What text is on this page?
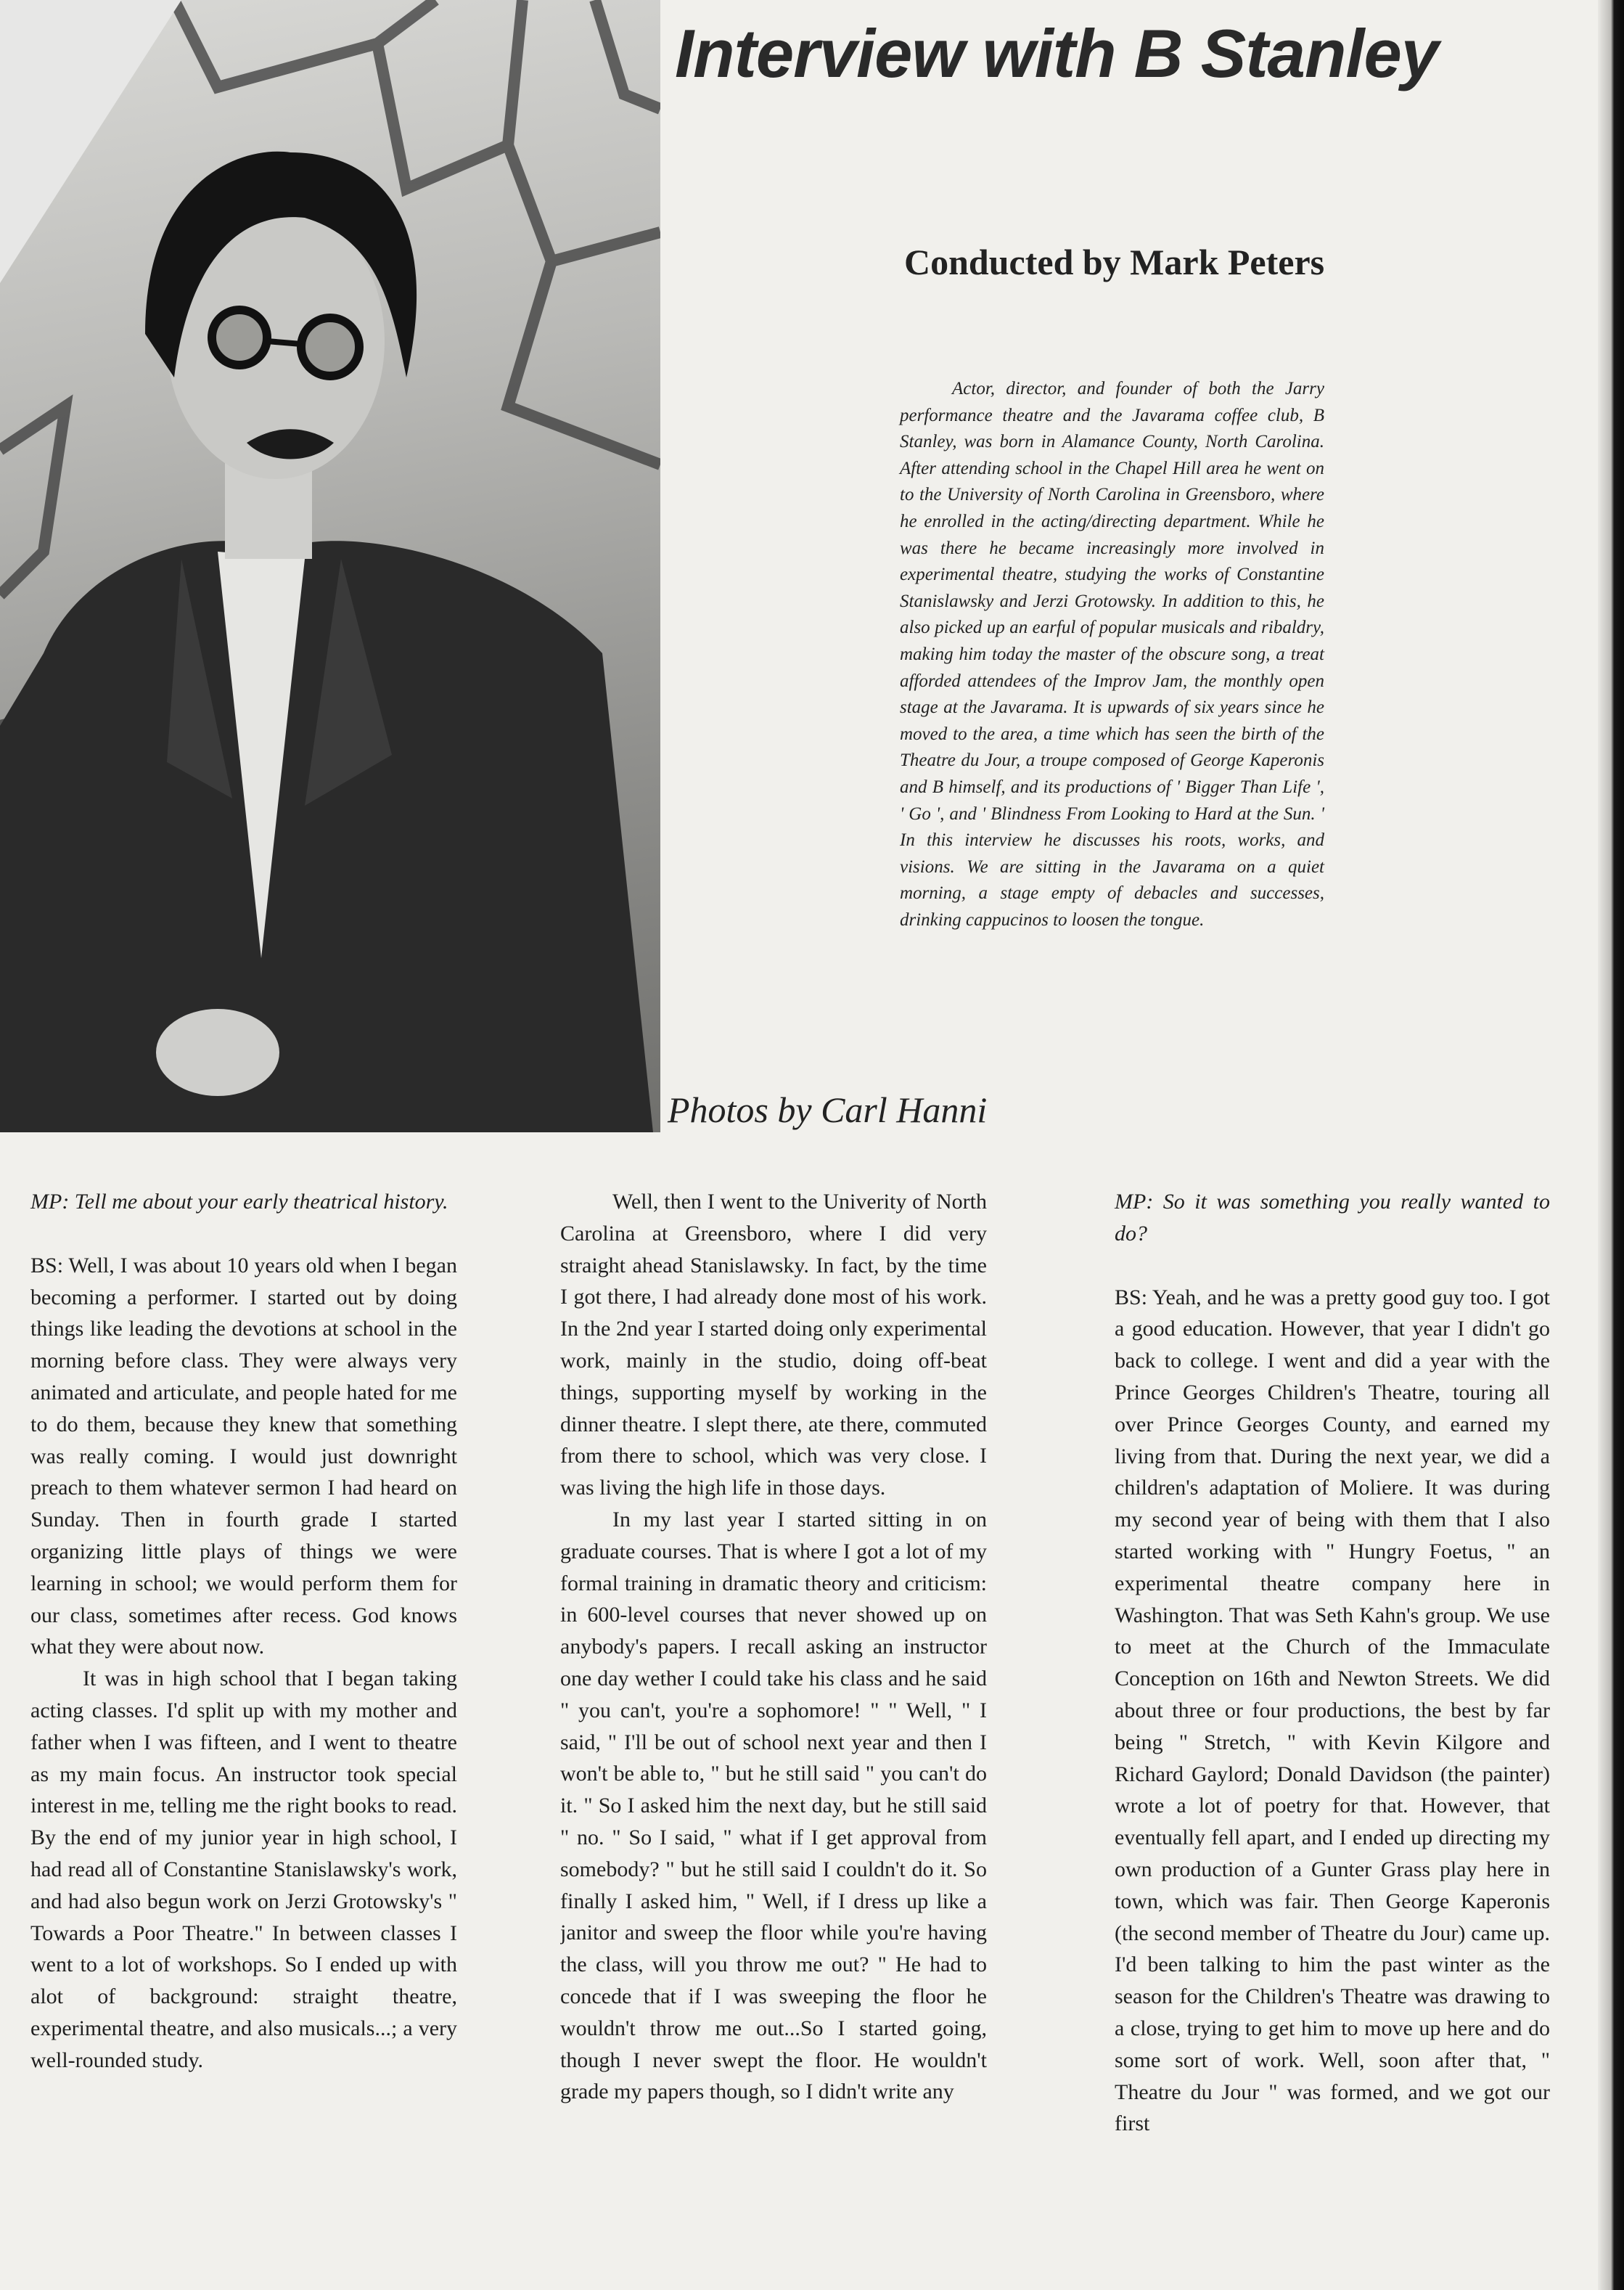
Interview with B Stanley
Conducted by Mark Peters

Actor, director, and founder of both the Jarry performance theatre and the Javarama coffee club, B Stanley, was born in Alamance County, North Carolina. After attending school in the Chapel Hill area he went on to the University of North Carolina in Greensboro, where he enrolled in the acting/directing department. While he was there he became increasingly more involved in experimental theatre, studying the works of Constantine Stanislawsky and Jerzi Grotowsky. In addition to this, he also picked up an earful of popular musicals and ribaldry, making him today the master of the obscure song, a treat afforded attendees of the Improv Jam, the monthly open stage at the Javarama. It is upwards of six years since he moved to the area, a time which has seen the birth of the Theatre du Jour, a troupe composed of George Kaperonis and B himself, and its productions of ' Bigger Than Life ', ' Go ', and ' Blindness From Looking to Hard at the Sun. ' In this interview he discusses his roots, works, and visions. We are sitting in the Javarama on a quiet morning, a stage empty of debacles and successes, drinking cappucinos to loosen the tongue.

Photos by Carl Hanni

MP: Tell me about your early theatrical history.

BS: Well, I was about 10 years old when I began becoming a performer. I started out by doing things like leading the devotions at school in the morning before class. They were always very animated and articulate, and people hated for me to do them, because they knew that something was really coming. I would just downright preach to them whatever sermon I had heard on Sunday. Then in fourth grade I started organizing little plays of things we were learning in school; we would perform them for our class, sometimes after recess. God knows what they were about now.

It was in high school that I began taking acting classes. I'd split up with my mother and father when I was fifteen, and I went to theatre as my main focus. An instructor took special interest in me, telling me the right books to read. By the end of my junior year in high school, I had read all of Constantine Stanislawsky's work, and had also begun work on Jerzi Grotowsky's " Towards a Poor Theatre." In between classes I went to a lot of workshops. So I ended up with alot of background: straight theatre, experimental theatre, and also musicals...; a very well-rounded study.

Well, then I went to the Univerity of North Carolina at Greensboro, where I did very straight ahead Stanislawsky. In fact, by the time I got there, I had already done most of his work. In the 2nd year I started doing only experimental work, mainly in the studio, doing off-beat things, supporting myself by working in the dinner theatre. I slept there, ate there, commuted from there to school, which was very close. I was living the high life in those days.

In my last year I started sitting in on graduate courses. That is where I got a lot of my formal training in dramatic theory and criticism: in 600-level courses that never showed up on anybody's papers. I recall asking an instructor one day wether I could take his class and he said " you can't, you're a sophomore! " " Well, " I said, " I'll be out of school next year and then I won't be able to, " but he still said " you can't do it. " So I asked him the next day, but he still said " no. " So I said, " what if I get approval from somebody? " but he still said I couldn't do it. So finally I asked him, " Well, if I dress up like a janitor and sweep the floor while you're having the class, will you throw me out? " He had to concede that if I was sweeping the floor he wouldn't throw me out...So I started going, though I never swept the floor. He wouldn't grade my papers though, so I didn't write any

MP: So it was something you really wanted to do?

BS: Yeah, and he was a pretty good guy too. I got a good education. However, that year I didn't go back to college. I went and did a year with the Prince Georges Children's Theatre, touring all over Prince Georges County, and earned my living from that. During the next year, we did a children's adaptation of Moliere. It was during my second year of being with them that I also started working with " Hungry Foetus, " an experimental theatre company here in Washington. That was Seth Kahn's group. We use to meet at the Church of the Immaculate Conception on 16th and Newton Streets. We did about three or four productions, the best by far being " Stretch, " with Kevin Kilgore and Richard Gaylord; Donald Davidson (the painter) wrote a lot of poetry for that. However, that eventually fell apart, and I ended up directing my own production of a Gunter Grass play here in town, which was fair. Then George Kaperonis (the second member of Theatre du Jour) came up. I'd been talking to him the past winter as the season for the Children's Theatre was drawing to a close, trying to get him to move up here and do some sort of work. Well, soon after that, " Theatre du Jour " was formed, and we got our first
